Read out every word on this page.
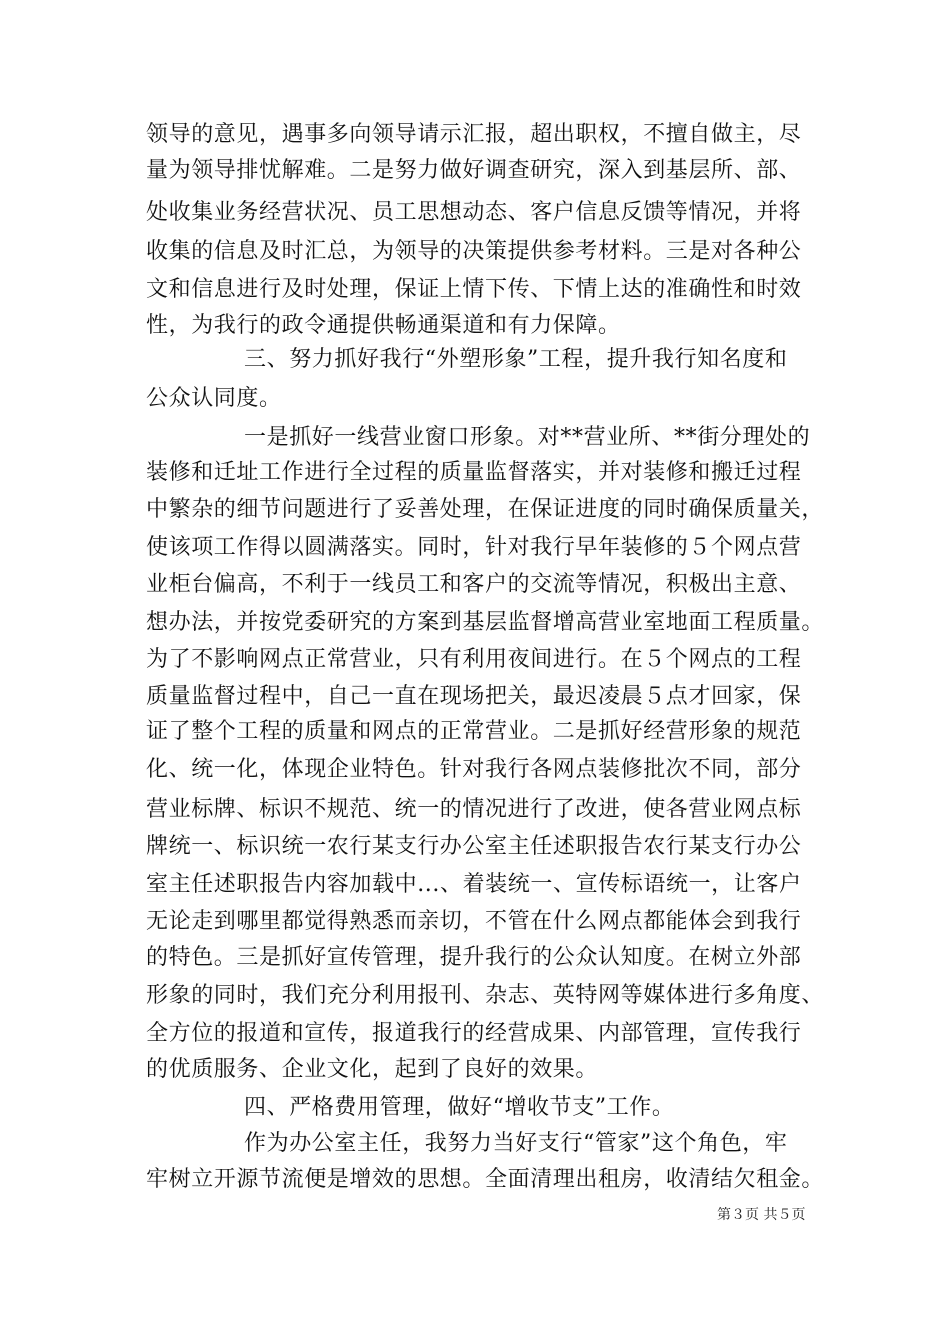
领导的意见，遇事多向领导请示汇报，超出职权，不擅自做主，尽
量为领导排忧解难。二是努力做好调查研究，深入到基层所、部、
处收集业务经营状况、员工思想动态、客户信息反馈等情况，并将
收集的信息及时汇总，为领导的决策提供参考材料。三是对各种公
文和信息进行及时处理，保证上情下传、下情上达的准确性和时效
性，为我行的政令通提供畅通渠道和有力保障。
三、努力抓好我行“外塑形象”工程，提升我行知名度和
公众认同度。
一是抓好一线营业窗口形象。对**营业所、**街分理处的
装修和迁址工作进行全过程的质量监督落实，并对装修和搬迁过程
中繁杂的细节问题进行了妥善处理，在保证进度的同时确保质量关，
使该项工作得以圆满落实。同时，针对我行早年装修的５个网点营
业柜台偏高，不利于一线员工和客户的交流等情况，积极出主意、
想办法，并按党委研究的方案到基层监督增高营业室地面工程质量。
为了不影响网点正常营业，只有利用夜间进行。在５个网点的工程
质量监督过程中，自己一直在现场把关，最迟凌晨５点才回家，保
证了整个工程的质量和网点的正常营业。二是抓好经营形象的规范
化、统一化，体现企业特色。针对我行各网点装修批次不同，部分
营业标牌、标识不规范、统一的情况进行了改进，使各营业网点标
牌统一、标识统一农行某支行办公室主任述职报告农行某支行办公
室主任述职报告内容加载中...、着装统一、宣传标语统一，让客户
无论走到哪里都觉得熟悉而亲切，不管在什么网点都能体会到我行
的特色。三是抓好宣传管理，提升我行的公众认知度。在树立外部
形象的同时，我们充分利用报刊、杂志、英特网等媒体进行多角度、
全方位的报道和宣传，报道我行的经营成果、内部管理，宣传我行
的优质服务、企业文化，起到了良好的效果。
四、严格费用管理，做好“增收节支”工作。
作为办公室主任，我努力当好支行“管家”这个角色，牢
牢树立开源节流便是增效的思想。全面清理出租房，收清结欠租金。
第３页 共５页
